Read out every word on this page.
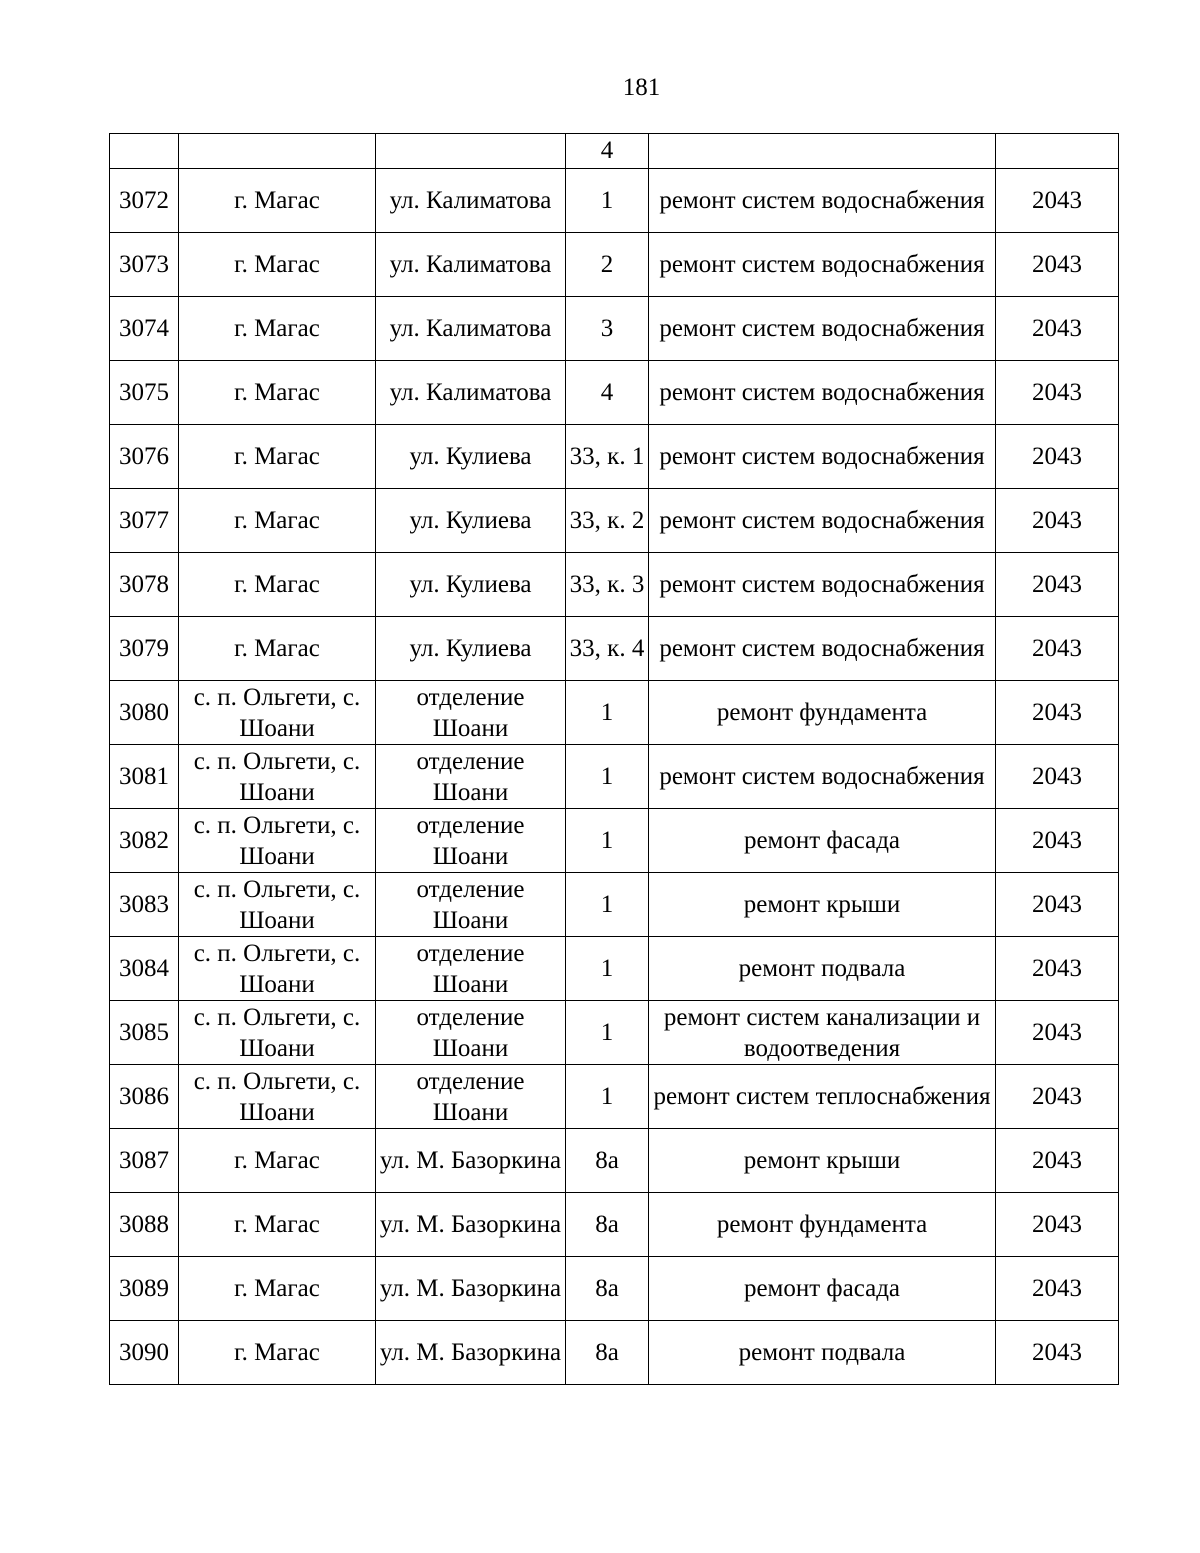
181
			4		
3072	г. Магас	ул. Калиматова	1	ремонт систем водоснабжения	2043
3073	г. Магас	ул. Калиматова	2	ремонт систем водоснабжения	2043
3074	г. Магас	ул. Калиматова	3	ремонт систем водоснабжения	2043
3075	г. Магас	ул. Калиматова	4	ремонт систем водоснабжения	2043
3076	г. Магас	ул. Кулиева	33, к. 1	ремонт систем водоснабжения	2043
3077	г. Магас	ул. Кулиева	33, к. 2	ремонт систем водоснабжения	2043
3078	г. Магас	ул. Кулиева	33, к. 3	ремонт систем водоснабжения	2043
3079	г. Магас	ул. Кулиева	33, к. 4	ремонт систем водоснабжения	2043
3080	с. п. Ольгети, с. Шоани	отделение Шоани	1	ремонт фундамента	2043
3081	с. п. Ольгети, с. Шоани	отделение Шоани	1	ремонт систем водоснабжения	2043
3082	с. п. Ольгети, с. Шоани	отделение Шоани	1	ремонт фасада	2043
3083	с. п. Ольгети, с. Шоани	отделение Шоани	1	ремонт крыши	2043
3084	с. п. Ольгети, с. Шоани	отделение Шоани	1	ремонт подвала	2043
3085	с. п. Ольгети, с. Шоани	отделение Шоани	1	ремонт систем канализации и водоотведения	2043
3086	с. п. Ольгети, с. Шоани	отделение Шоани	1	ремонт систем теплоснабжения	2043
3087	г. Магас	ул. М. Базоркина	8а	ремонт крыши	2043
3088	г. Магас	ул. М. Базоркина	8а	ремонт фундамента	2043
3089	г. Магас	ул. М. Базоркина	8а	ремонт фасада	2043
3090	г. Магас	ул. М. Базоркина	8а	ремонт подвала	2043
